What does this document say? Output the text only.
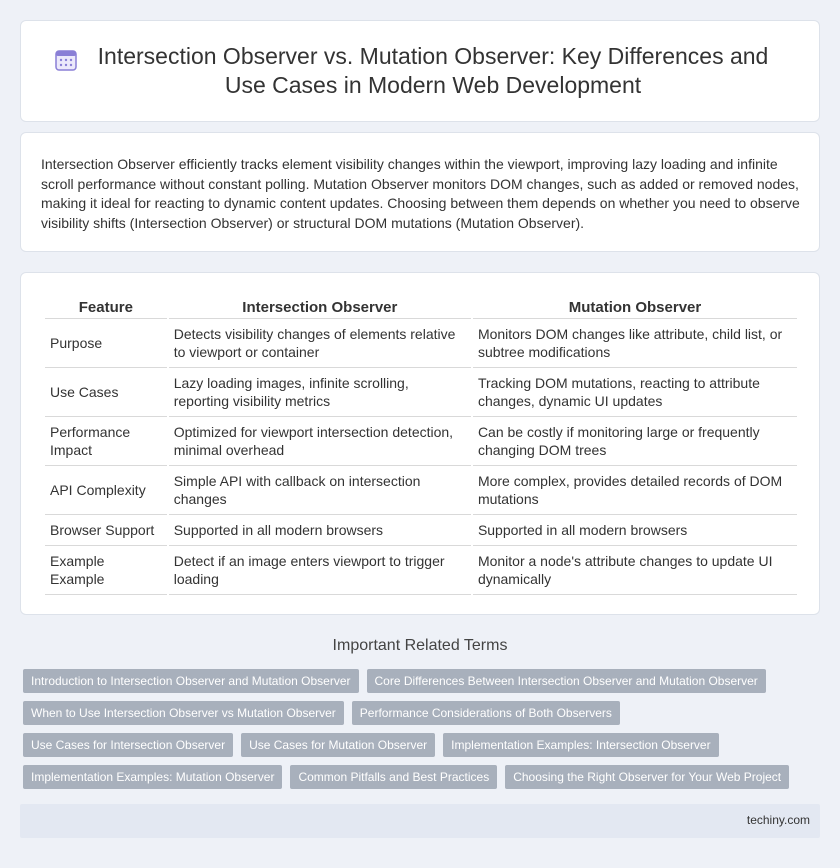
Intersection Observer vs. Mutation Observer: Key Differences and Use Cases in Modern Web Development

Intersection Observer efficiently tracks element visibility changes within the viewport, improving lazy loading and infinite scroll performance without constant polling. Mutation Observer monitors DOM changes, such as added or removed nodes, making it ideal for reacting to dynamic content updates. Choosing between them depends on whether you need to observe visibility shifts (Intersection Observer) or structural DOM mutations (Mutation Observer).

Feature	Intersection Observer	Mutation Observer
Purpose	Detects visibility changes of elements relative to viewport or container	Monitors DOM changes like attribute, child list, or subtree modifications
Use Cases	Lazy loading images, infinite scrolling, reporting visibility metrics	Tracking DOM mutations, reacting to attribute changes, dynamic UI updates
Performance Impact	Optimized for viewport intersection detection, minimal overhead	Can be costly if monitoring large or frequently changing DOM trees
API Complexity	Simple API with callback on intersection changes	More complex, provides detailed records of DOM mutations
Browser Support	Supported in all modern browsers	Supported in all modern browsers
Example Example	Detect if an image enters viewport to trigger loading	Monitor a node's attribute changes to update UI dynamically
Important Related Terms
Introduction to Intersection Observer and Mutation Observer	Core Differences Between Intersection Observer and Mutation Observer
When to Use Intersection Observer vs Mutation Observer	Performance Considerations of Both Observers
Use Cases for Intersection Observer	Use Cases for Mutation Observer	Implementation Examples: Intersection Observer
Implementation Examples: Mutation Observer	Common Pitfalls and Best Practices	Choosing the Right Observer for Your Web Project
techiny.com
